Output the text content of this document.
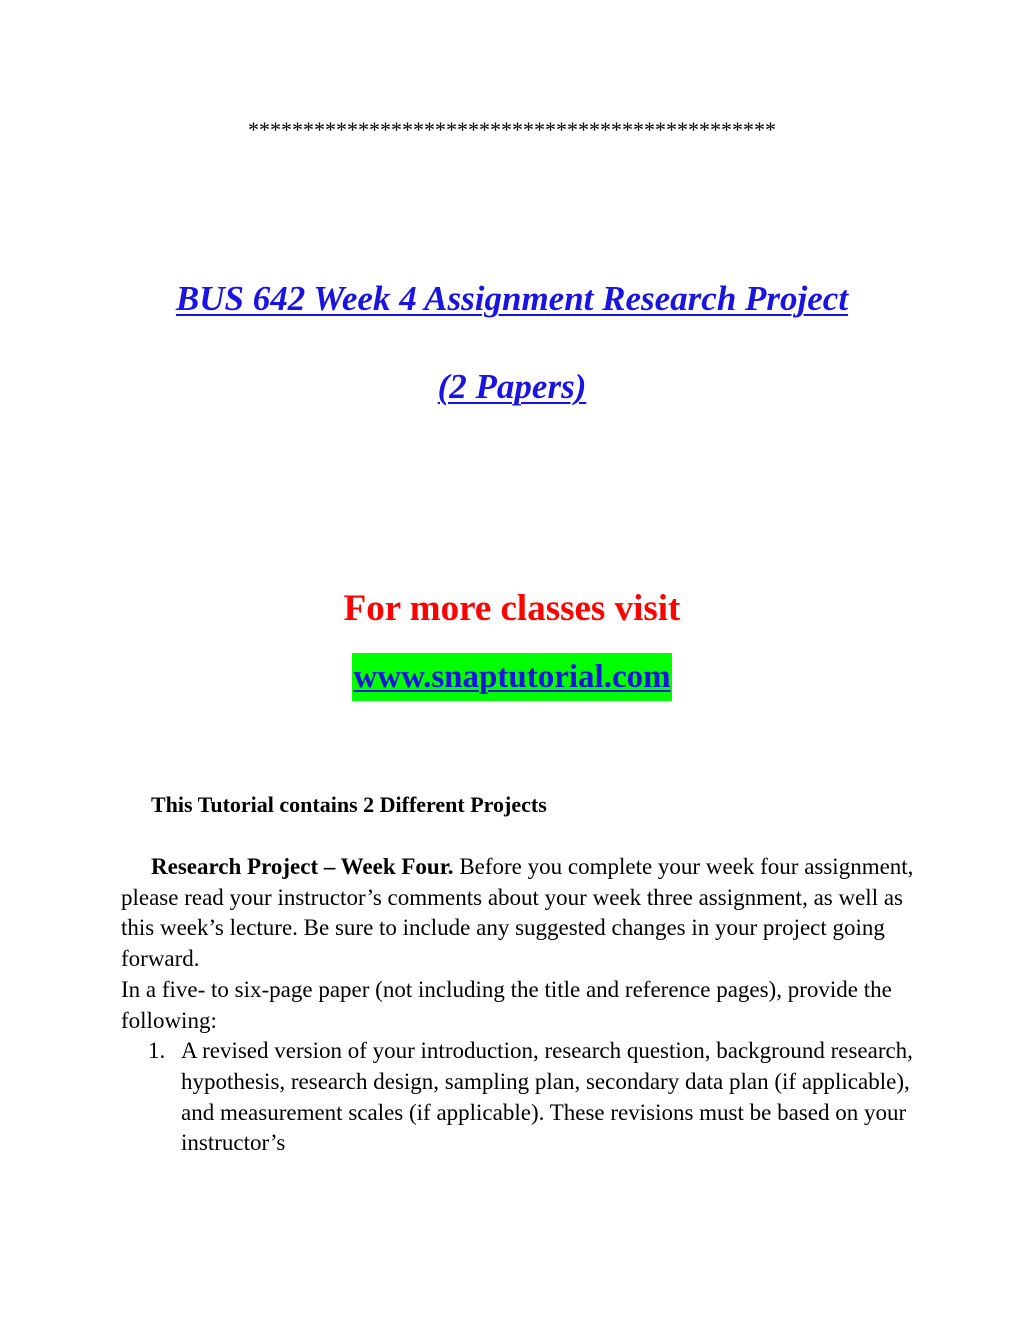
************************************************
BUS 642 Week 4 Assignment Research Project
(2 Papers)
For more classes visit
www.snaptutorial.com
This Tutorial contains 2 Different Projects

Research Project – Week Four. Before you complete your week four assignment, please read your instructor’s comments about your week three assignment, as well as this week’s lecture. Be sure to include any suggested changes in your project going forward.

In a five- to six-page paper (not including the title and reference pages), provide the following:

1. A revised version of your introduction, research question, background research, hypothesis, research design, sampling plan, secondary data plan (if applicable), and measurement scales (if applicable). These revisions must be based on your instructor’s
